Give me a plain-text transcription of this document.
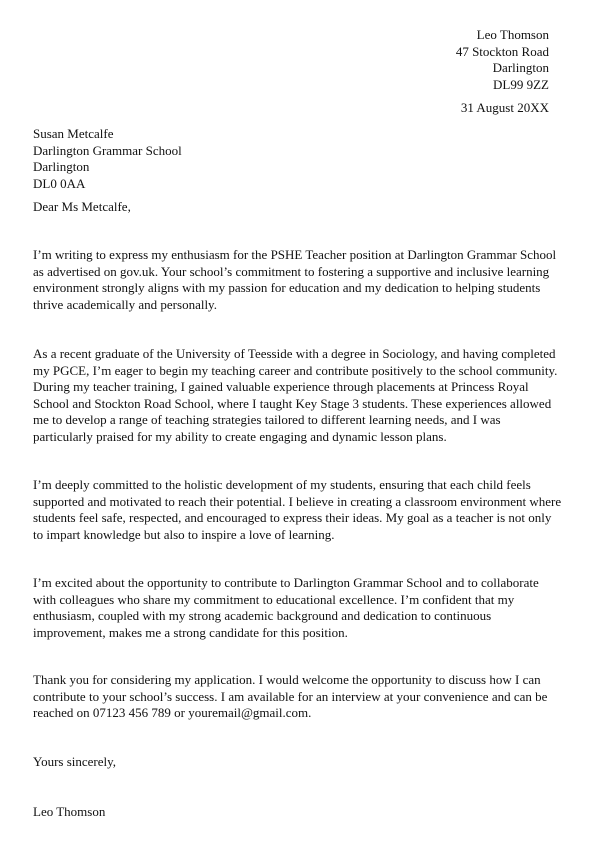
Leo Thomson
47 Stockton Road
Darlington
DL99 9ZZ
31 August 20XX
Susan Metcalfe
Darlington Grammar School
Darlington
DL0 0AA
Dear Ms Metcalfe,

I’m writing to express my enthusiasm for the PSHE Teacher position at Darlington Grammar School as advertised on gov.uk. Your school’s commitment to fostering a supportive and inclusive learning environment strongly aligns with my passion for education and my dedication to helping students thrive academically and personally.

As a recent graduate of the University of Teesside with a degree in Sociology, and having completed my PGCE, I’m eager to begin my teaching career and contribute positively to the school community. During my teacher training, I gained valuable experience through placements at Princess Royal School and Stockton Road School, where I taught Key Stage 3 students. These experiences allowed me to develop a range of teaching strategies tailored to different learning needs, and I was particularly praised for my ability to create engaging and dynamic lesson plans.

I’m deeply committed to the holistic development of my students, ensuring that each child feels supported and motivated to reach their potential. I believe in creating a classroom environment where students feel safe, respected, and encouraged to express their ideas. My goal as a teacher is not only to impart knowledge but also to inspire a love of learning.

I’m excited about the opportunity to contribute to Darlington Grammar School and to collaborate with colleagues who share my commitment to educational excellence. I’m confident that my enthusiasm, coupled with my strong academic background and dedication to continuous improvement, makes me a strong candidate for this position.

Thank you for considering my application. I would welcome the opportunity to discuss how I can contribute to your school’s success. I am available for an interview at your convenience and can be reached on 07123 456 789 or youremail@gmail.com.

Yours sincerely,
Leo Thomson
